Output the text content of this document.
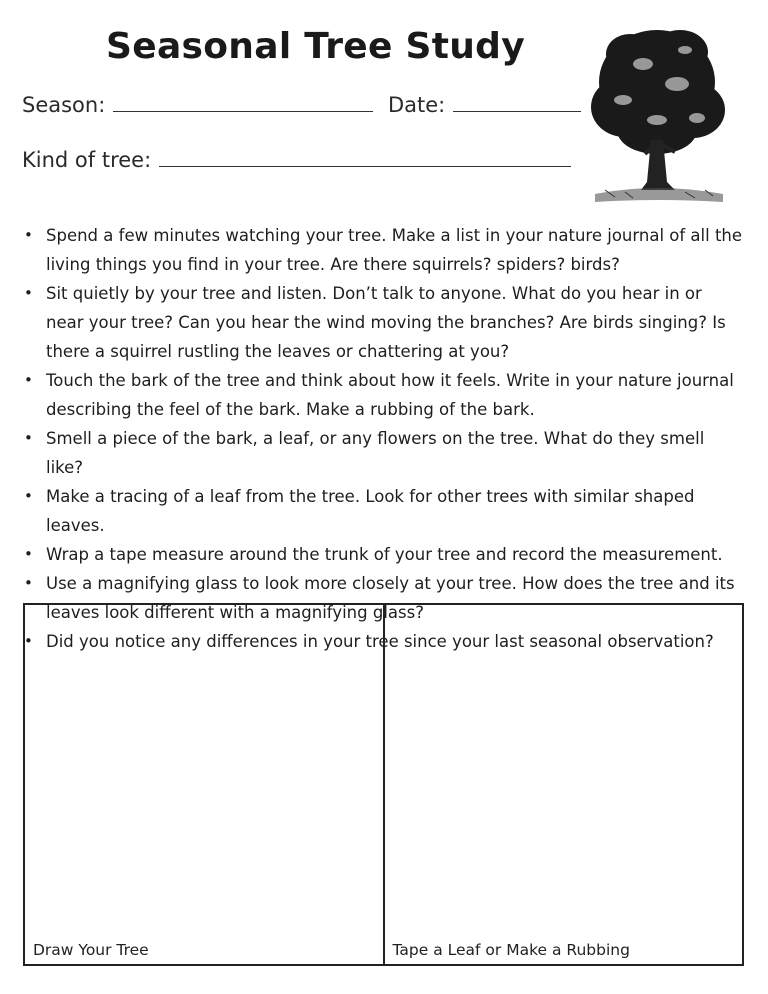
Seasonal Tree Study
Season:	Date:
Kind of tree:
• Spend a few minutes watching your tree. Make a list in your nature journal of all the living things you find in your tree. Are there squirrels? spiders? birds?
• Sit quietly by your tree and listen. Don’t talk to anyone. What do you hear in or near your tree? Can you hear the wind moving the branches? Are birds singing? Is there a squirrel rustling the leaves or chattering at you?
• Touch the bark of the tree and think about how it feels. Write in your nature journal describing the feel of the bark. Make a rubbing of the bark.
• Smell a piece of the bark, a leaf, or any flowers on the tree. What do they smell like?
• Make a tracing of a leaf from the tree. Look for other trees with similar shaped leaves.
• Wrap a tape measure around the trunk of your tree and record the measurement.
• Use a magnifying glass to look more closely at your tree. How does the tree and its leaves look different with a magnifying glass?
• Did you notice any differences in your tree since your last seasonal observation?
Draw Your Tree	Tape a Leaf or Make a Rubbing
